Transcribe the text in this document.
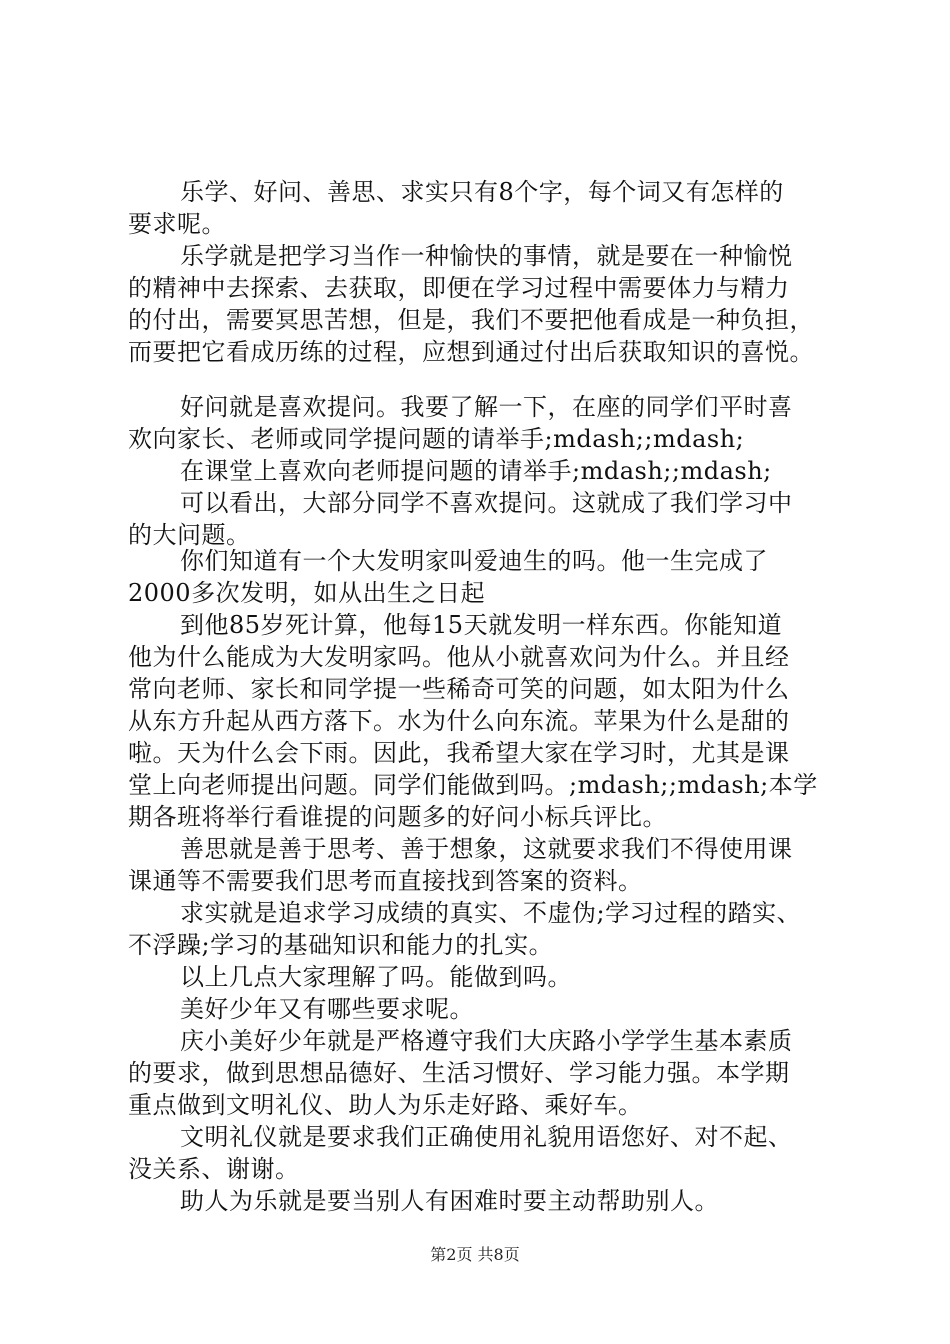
乐学、好问、善思、求实只有8个字，每个词又有怎样的
要求呢。
乐学就是把学习当作一种愉快的事情，就是要在一种愉悦
的精神中去探索、去获取，即便在学习过程中需要体力与精力
的付出，需要冥思苦想，但是，我们不要把他看成是一种负担，
而要把它看成历练的过程，应想到通过付出后获取知识的喜悦。
好问就是喜欢提问。我要了解一下，在座的同学们平时喜
欢向家长、老师或同学提问题的请举手;mdash;;mdash;
在课堂上喜欢向老师提问题的请举手;mdash;;mdash;
可以看出，大部分同学不喜欢提问。这就成了我们学习中
的大问题。
你们知道有一个大发明家叫爱迪生的吗。他一生完成了
2000多次发明，如从出生之日起
到他85岁死计算，他每15天就发明一样东西。你能知道
他为什么能成为大发明家吗。他从小就喜欢问为什么。并且经
常向老师、家长和同学提一些稀奇可笑的问题，如太阳为什么
从东方升起从西方落下。水为什么向东流。苹果为什么是甜的
啦。天为什么会下雨。因此，我希望大家在学习时，尤其是课
堂上向老师提出问题。同学们能做到吗。;mdash;;mdash;本学
期各班将举行看谁提的问题多的好问小标兵评比。
善思就是善于思考、善于想象，这就要求我们不得使用课
课通等不需要我们思考而直接找到答案的资料。
求实就是追求学习成绩的真实、不虚伪;学习过程的踏实、
不浮躁;学习的基础知识和能力的扎实。
以上几点大家理解了吗。能做到吗。
美好少年又有哪些要求呢。
庆小美好少年就是严格遵守我们大庆路小学学生基本素质
的要求，做到思想品德好、生活习惯好、学习能力强。本学期
重点做到文明礼仪、助人为乐走好路、乘好车。
文明礼仪就是要求我们正确使用礼貌用语您好、对不起、
没关系、谢谢。
助人为乐就是要当别人有困难时要主动帮助别人。
第2页 共8页
